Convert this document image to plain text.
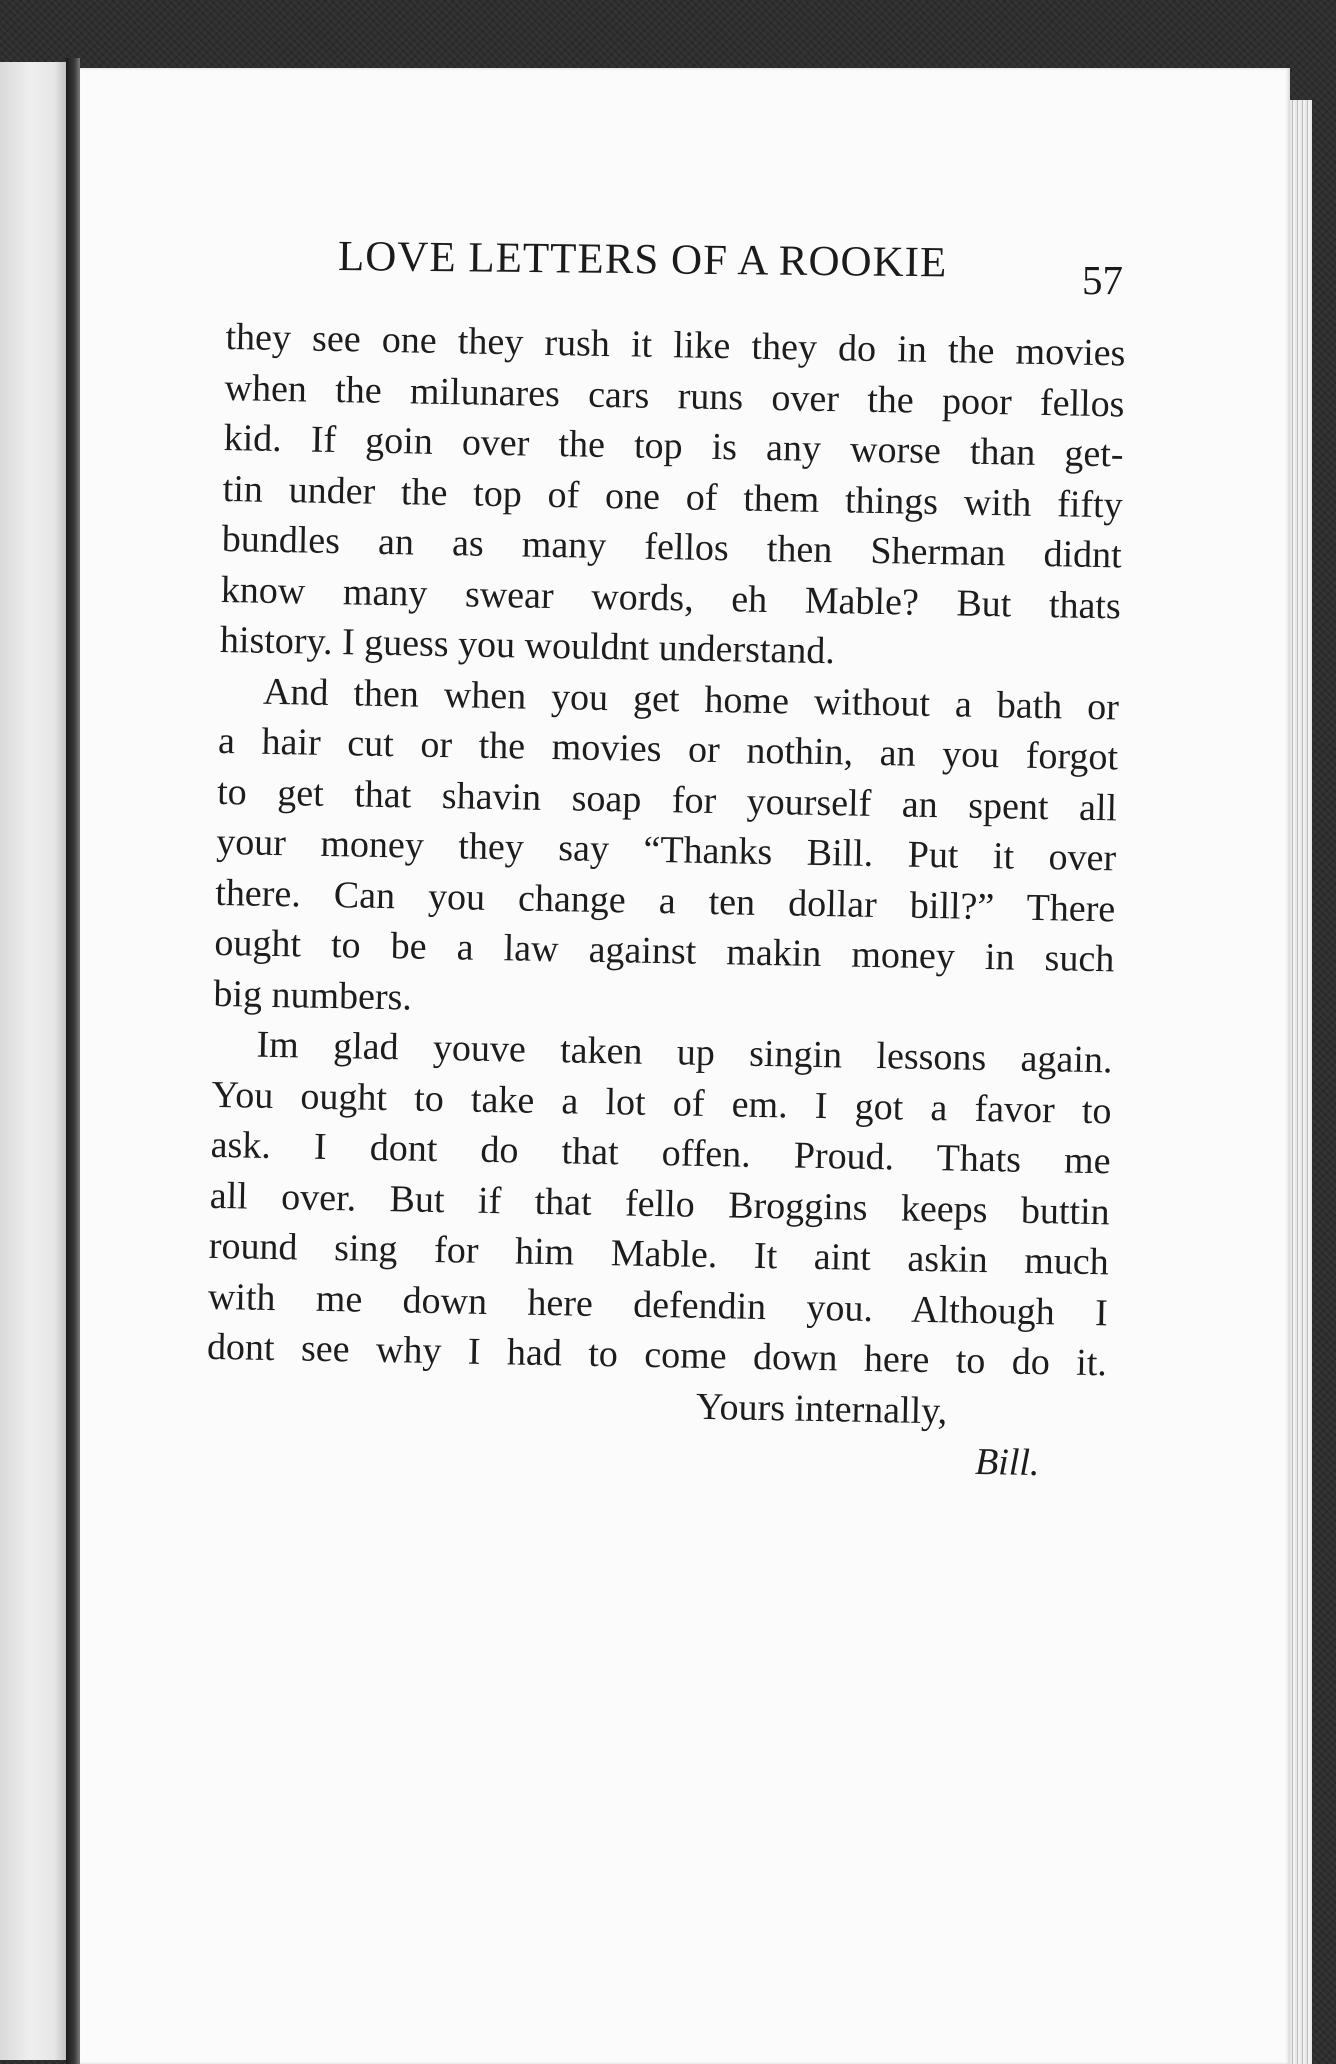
LOVE LETTERS OF A ROOKIE	57
they see one they rush it like they do in the movies
when the milunares cars runs over the poor fellos
kid. If goin over the top is any worse than get-
tin under the top of one of them things with fifty
bundles an as many fellos then Sherman didnt
know many swear words, eh Mable? But thats
history. I guess you wouldnt understand.
And then when you get home without a bath or
a hair cut or the movies or nothin, an you forgot
to get that shavin soap for yourself an spent all
your money they say “Thanks Bill. Put it over
there. Can you change a ten dollar bill?” There
ought to be a law against makin money in such
big numbers.
Im glad youve taken up singin lessons again.
You ought to take a lot of em. I got a favor to
ask. I dont do that offen. Proud. Thats me
all over. But if that fello Broggins keeps buttin
round sing for him Mable. It aint askin much
with me down here defendin you. Although I
dont see why I had to come down here to do it.
Yours internally,
Bill.
